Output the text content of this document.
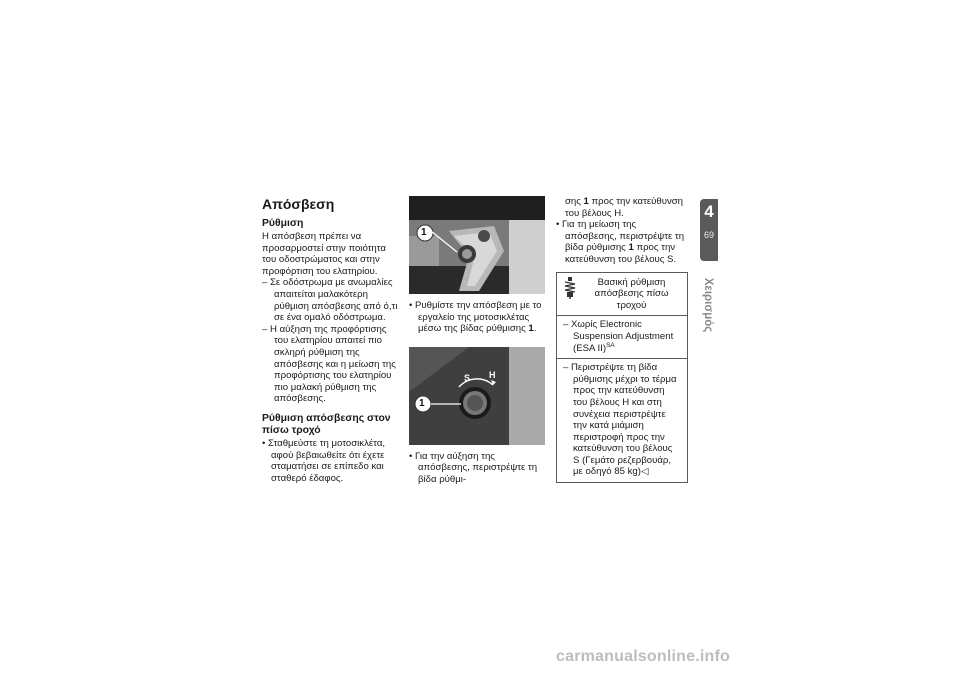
Απόσβεση
Ρύθμιση

Η απόσβεση πρέπει να προσαρμοστεί στην ποιότητα του οδοστρώματος και στην προφόρτιση του ελατηρίου.

– Σε οδόστρωμα με ανωμαλίες απαιτείται μαλακότερη ρύθμιση απόσβεσης από ό,τι σε ένα ομαλό οδόστρωμα.

– Η αύξηση της προφόρτισης του ελατηρίου απαιτεί πιο σκληρή ρύθμιση της απόσβεσης και η μείωση της προφόρτισης του ελατηρίου πιο μαλακή ρύθμιση της απόσβεσης.

Ρύθμιση απόσβεσης στον πίσω τροχό

• Σταθμεύστε τη μοτοσικλέτα, αφού βεβαιωθείτε ότι έχετε σταματήσει σε επίπεδο και σταθερό έδαφος.

1

• Ρυθμίστε την απόσβεση με το εργαλείο της μοτοσικλέτας μέσω της βίδας ρύθμισης 1.

1
S H

• Για την αύξηση της απόσβεσης, περιστρέψτε τη βίδα ρύθμι-

σης 1 προς την κατεύθυνση του βέλους H.

• Για τη μείωση της απόσβεσης, περιστρέψτε τη βίδα ρύθμισης 1 προς την κατεύθυνση του βέλους S.

Βασική ρύθμιση απόσβεσης πίσω τροχού

– Χωρίς Electronic Suspension Adjustment (ESA II)$^{SA}$

– Περιστρέψτε τη βίδα ρύθμισης μέχρι το τέρμα προς την κατεύθυνση του βέλους H και στη συνέχεια περιστρέψτε την κατά μιάμιση περιστροφή προς την κατεύθυνση του βέλους S (Γεμάτο ρεζερβουάρ, με οδηγό 85 kg)◁

4
69
Χειρισμός
carmanualsonline.info
